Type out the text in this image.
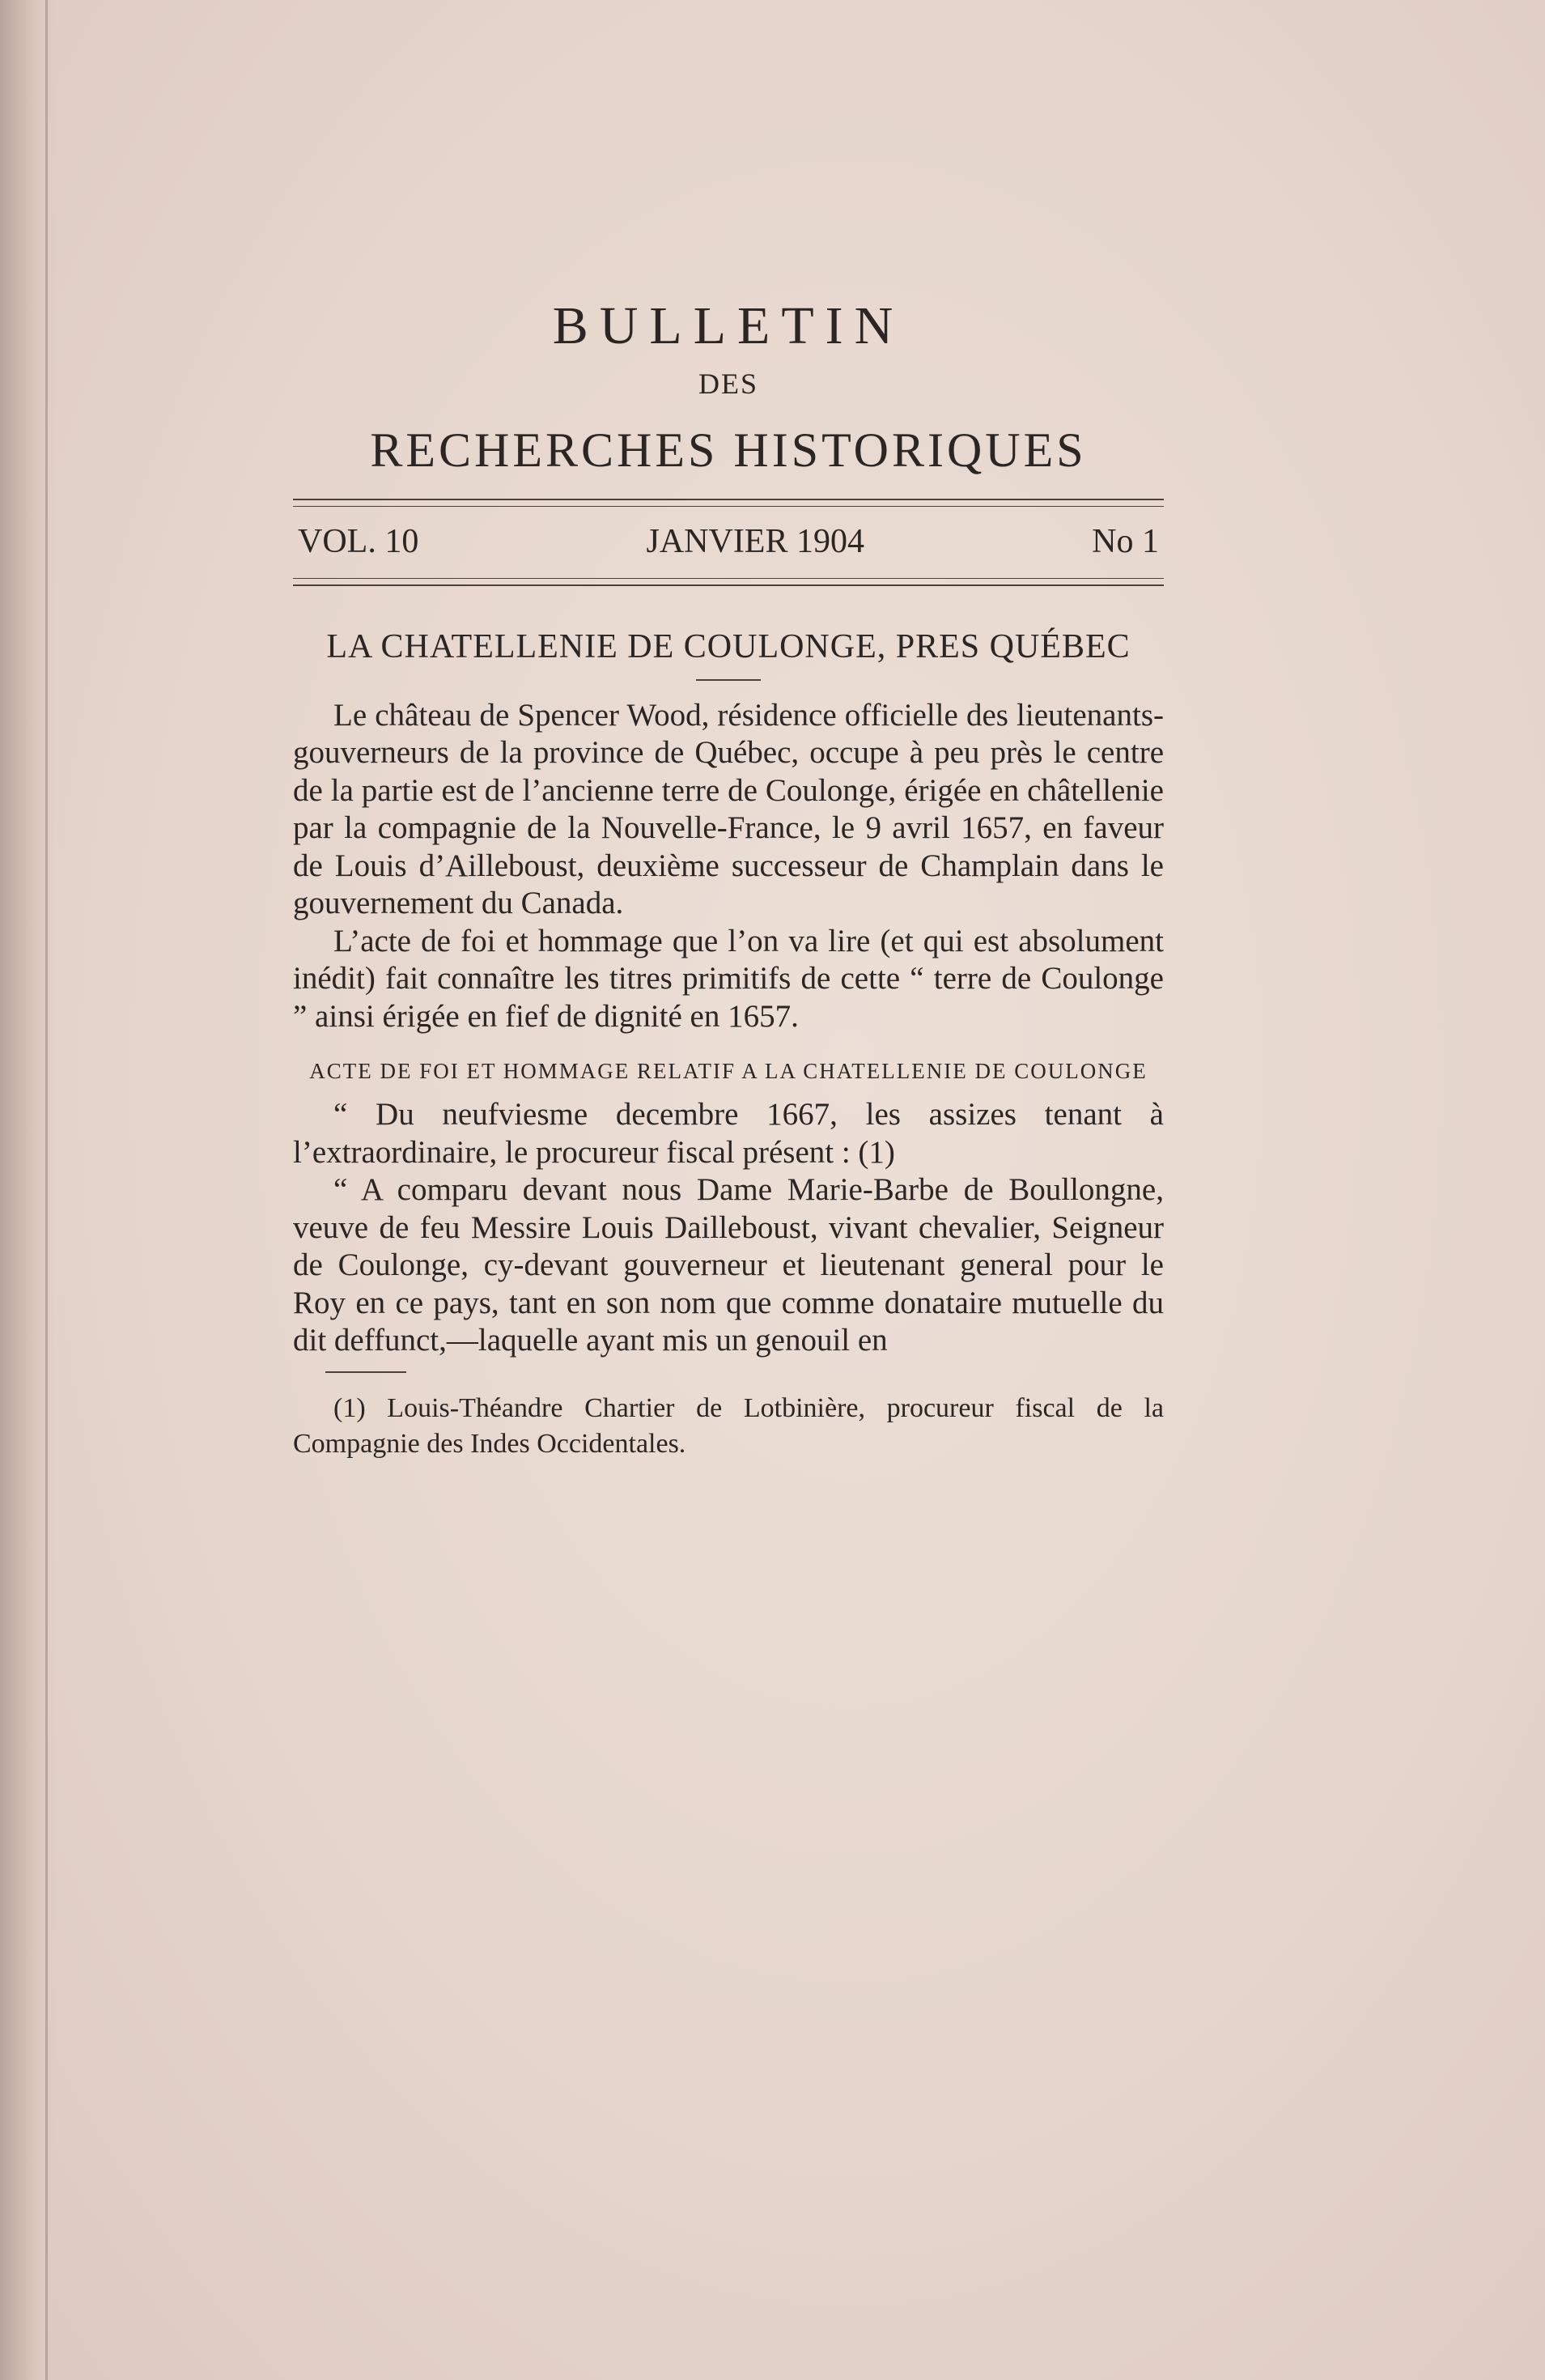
BULLETIN
DES
RECHERCHES HISTORIQUES
VOL. 10	JANVIER 1904	No 1
LA CHATELLENIE DE COULONGE, PRES QUÉBEC

Le château de Spencer Wood, résidence officielle des lieutenants-gouverneurs de la province de Québec, occupe à peu près le centre de la partie est de l’ancienne terre de Coulonge, érigée en châtellenie par la compagnie de la Nouvelle-France, le 9 avril 1657, en faveur de Louis d’Ailleboust, deuxième successeur de Champlain dans le gouvernement du Canada.

L’acte de foi et hommage que l’on va lire (et qui est absolument inédit) fait connaître les titres primitifs de cette “ terre de Coulonge ” ainsi érigée en fief de dignité en 1657.

ACTE DE FOI ET HOMMAGE RELATIF A LA CHATELLENIE DE COULONGE

“ Du neufviesme decembre 1667, les assizes tenant à l’extraordinaire, le procureur fiscal présent : (1)

“ A comparu devant nous Dame Marie-Barbe de Boullongne, veuve de feu Messire Louis Dailleboust, vivant chevalier, Seigneur de Coulonge, cy-devant gouverneur et lieutenant general pour le Roy en ce pays, tant en son nom que comme donataire mutuelle du dit deffunct,—laquelle ayant mis un genouil en

(1) Louis-Théandre Chartier de Lotbinière, procureur fiscal de la Compagnie des Indes Occidentales.
